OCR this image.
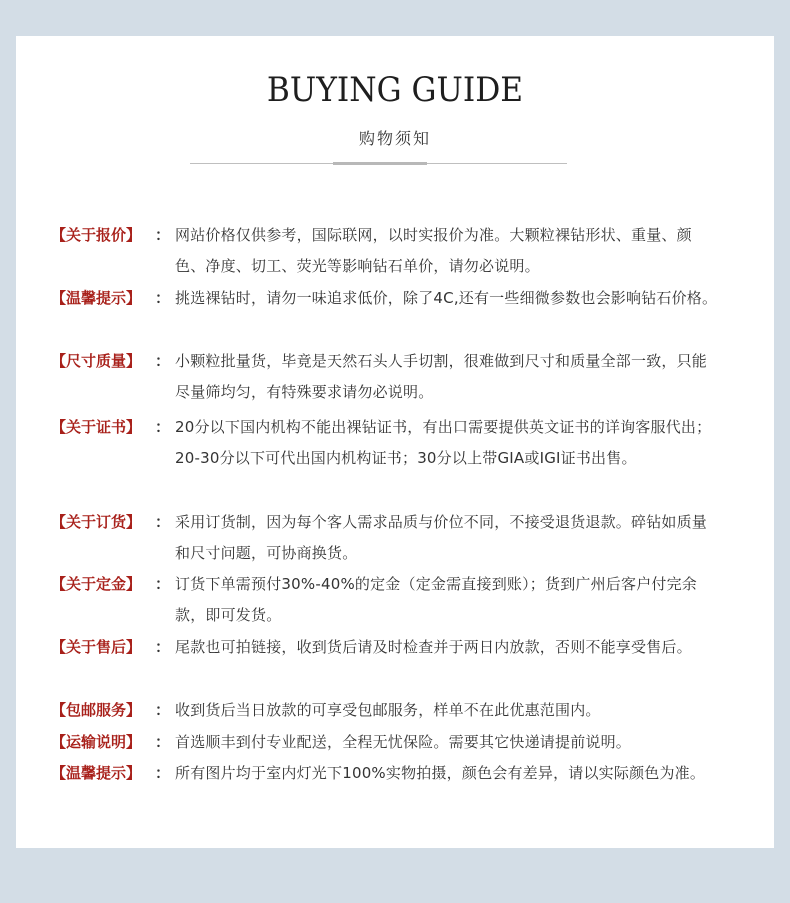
BUYING GUIDE
购物须知
【关于报价】 ： 网站价格仅供参考，国际联网，以时实报价为准。大颗粒裸钻形状、重量、颜色、净度、切工、荧光等影响钻石单价，请勿必说明。
【温馨提示】 ： 挑选裸钻时，请勿一味追求低价，除了4C,还有一些细微参数也会影响钻石价格。
【尺寸质量】 ： 小颗粒批量货，毕竟是天然石头人手切割，很难做到尺寸和质量全部一致，只能尽量筛均匀，有特殊要求请勿必说明。
【关于证书】 ： 20分以下国内机构不能出裸钻证书，有出口需要提供英文证书的详询客服代出；20-30分以下可代出国内机构证书；30分以上带GIA或IGI证书出售。
【关于订货】 ： 采用订货制，因为每个客人需求品质与价位不同，不接受退货退款。碎钻如质量和尺寸问题，可协商换货。
【关于定金】 ： 订货下单需预付30%-40%的定金（定金需直接到账）；货到广州后客户付完余款，即可发货。
【关于售后】 ： 尾款也可拍链接，收到货后请及时检查并于两日内放款，否则不能享受售后。
【包邮服务】 ： 收到货后当日放款的可享受包邮服务，样单不在此优惠范围内。
【运输说明】 ： 首选顺丰到付专业配送，全程无忧保险。需要其它快递请提前说明。
【温馨提示】 ： 所有图片均于室内灯光下100%实物拍摄，颜色会有差异，请以实际颜色为准。
